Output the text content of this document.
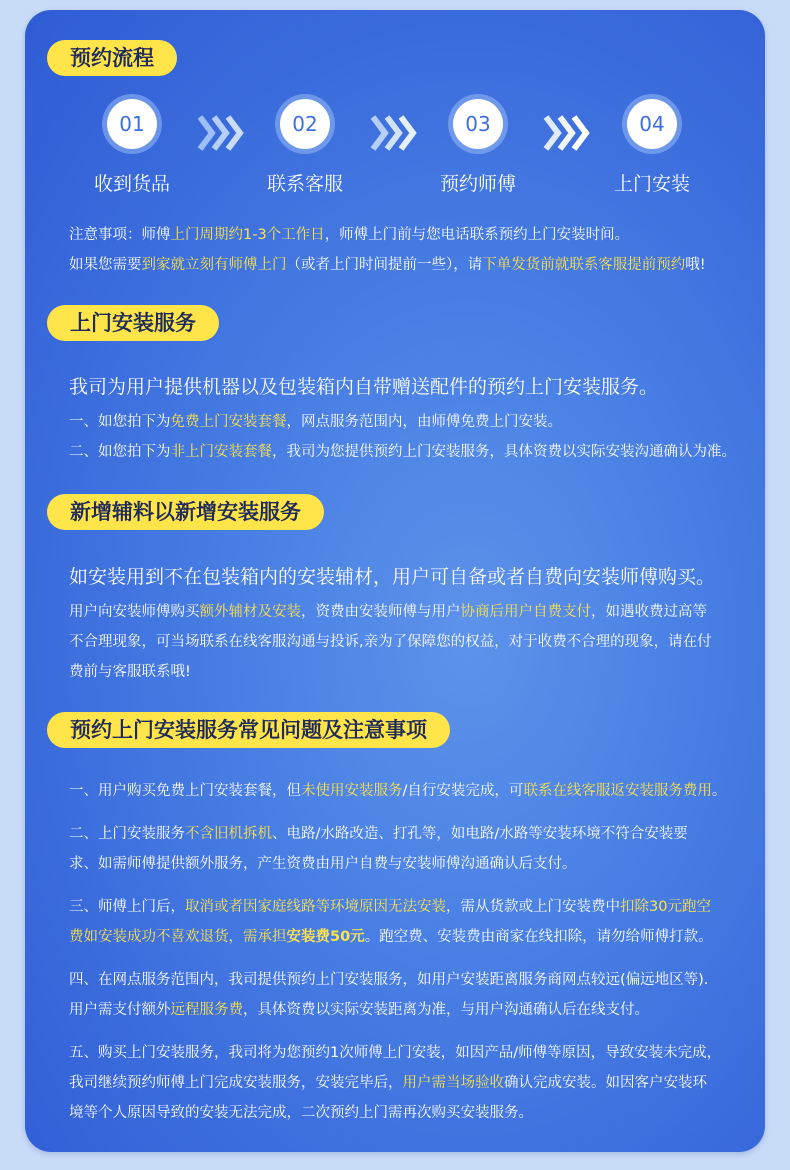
预约流程
01
收到货品
02
联系客服
03
预约师傅
04
上门安装
注意事项：师傅上门周期约1-3个工作日，师傅上门前与您电话联系预约上门安装时间。
如果您需要到家就立刻有师傅上门（或者上门时间提前一些），请下单发货前就联系客服提前预约哦!
上门安装服务
我司为用户提供机器以及包装箱内自带赠送配件的预约上门安装服务。
一、如您拍下为免费上门安装套餐，网点服务范围内，由师傅免费上门安装。
二、如您拍下为非上门安装套餐，我司为您提供预约上门安装服务，具体资费以实际安装沟通确认为准。
新增辅料以新增安装服务
如安装用到不在包装箱内的安装辅材，用户可自备或者自费向安装师傅购买。
用户向安装师傅购买额外辅材及安装，资费由安装师傅与用户协商后用户自费支付，如遇收费过高等
不合理现象，可当场联系在线客服沟通与投诉,亲为了保障您的权益，对于收费不合理的现象，请在付
费前与客服联系哦!
预约上门安装服务常见问题及注意事项
一、用户购买免费上门安装套餐，但未使用安装服务/自行安装完成，可联系在线客服返安装服务费用。
二、上门安装服务不含旧机拆机、电路/水路改造、打孔等，如电路/水路等安装环境不符合安装要
求、如需师傅提供额外服务，产生资费由用户自费与安装师傅沟通确认后支付。
三、师傅上门后，取消或者因家庭线路等环境原因无法安装，需从货款或上门安装费中扣除30元跑空
费如安装成功不喜欢退货，需承担安装费50元。跑空费、安装费由商家在线扣除，请勿给师傅打款。
四、在网点服务范围内，我司提供预约上门安装服务，如用户安装距离服务商网点较远(偏远地区等).
用户需支付额外远程服务费，具体资费以实际安装距离为准，与用户沟通确认后在线支付。
五、购买上门安装服务，我司将为您预约1次师傅上门安装，如因产品/师傅等原因，导致安装未完成，
我司继续预约师傅上门完成安装服务，安装完毕后，用户需当场验收确认完成安装。如因客户安装环
境等个人原因导致的安装无法完成，二次预约上门需再次购买安装服务。
